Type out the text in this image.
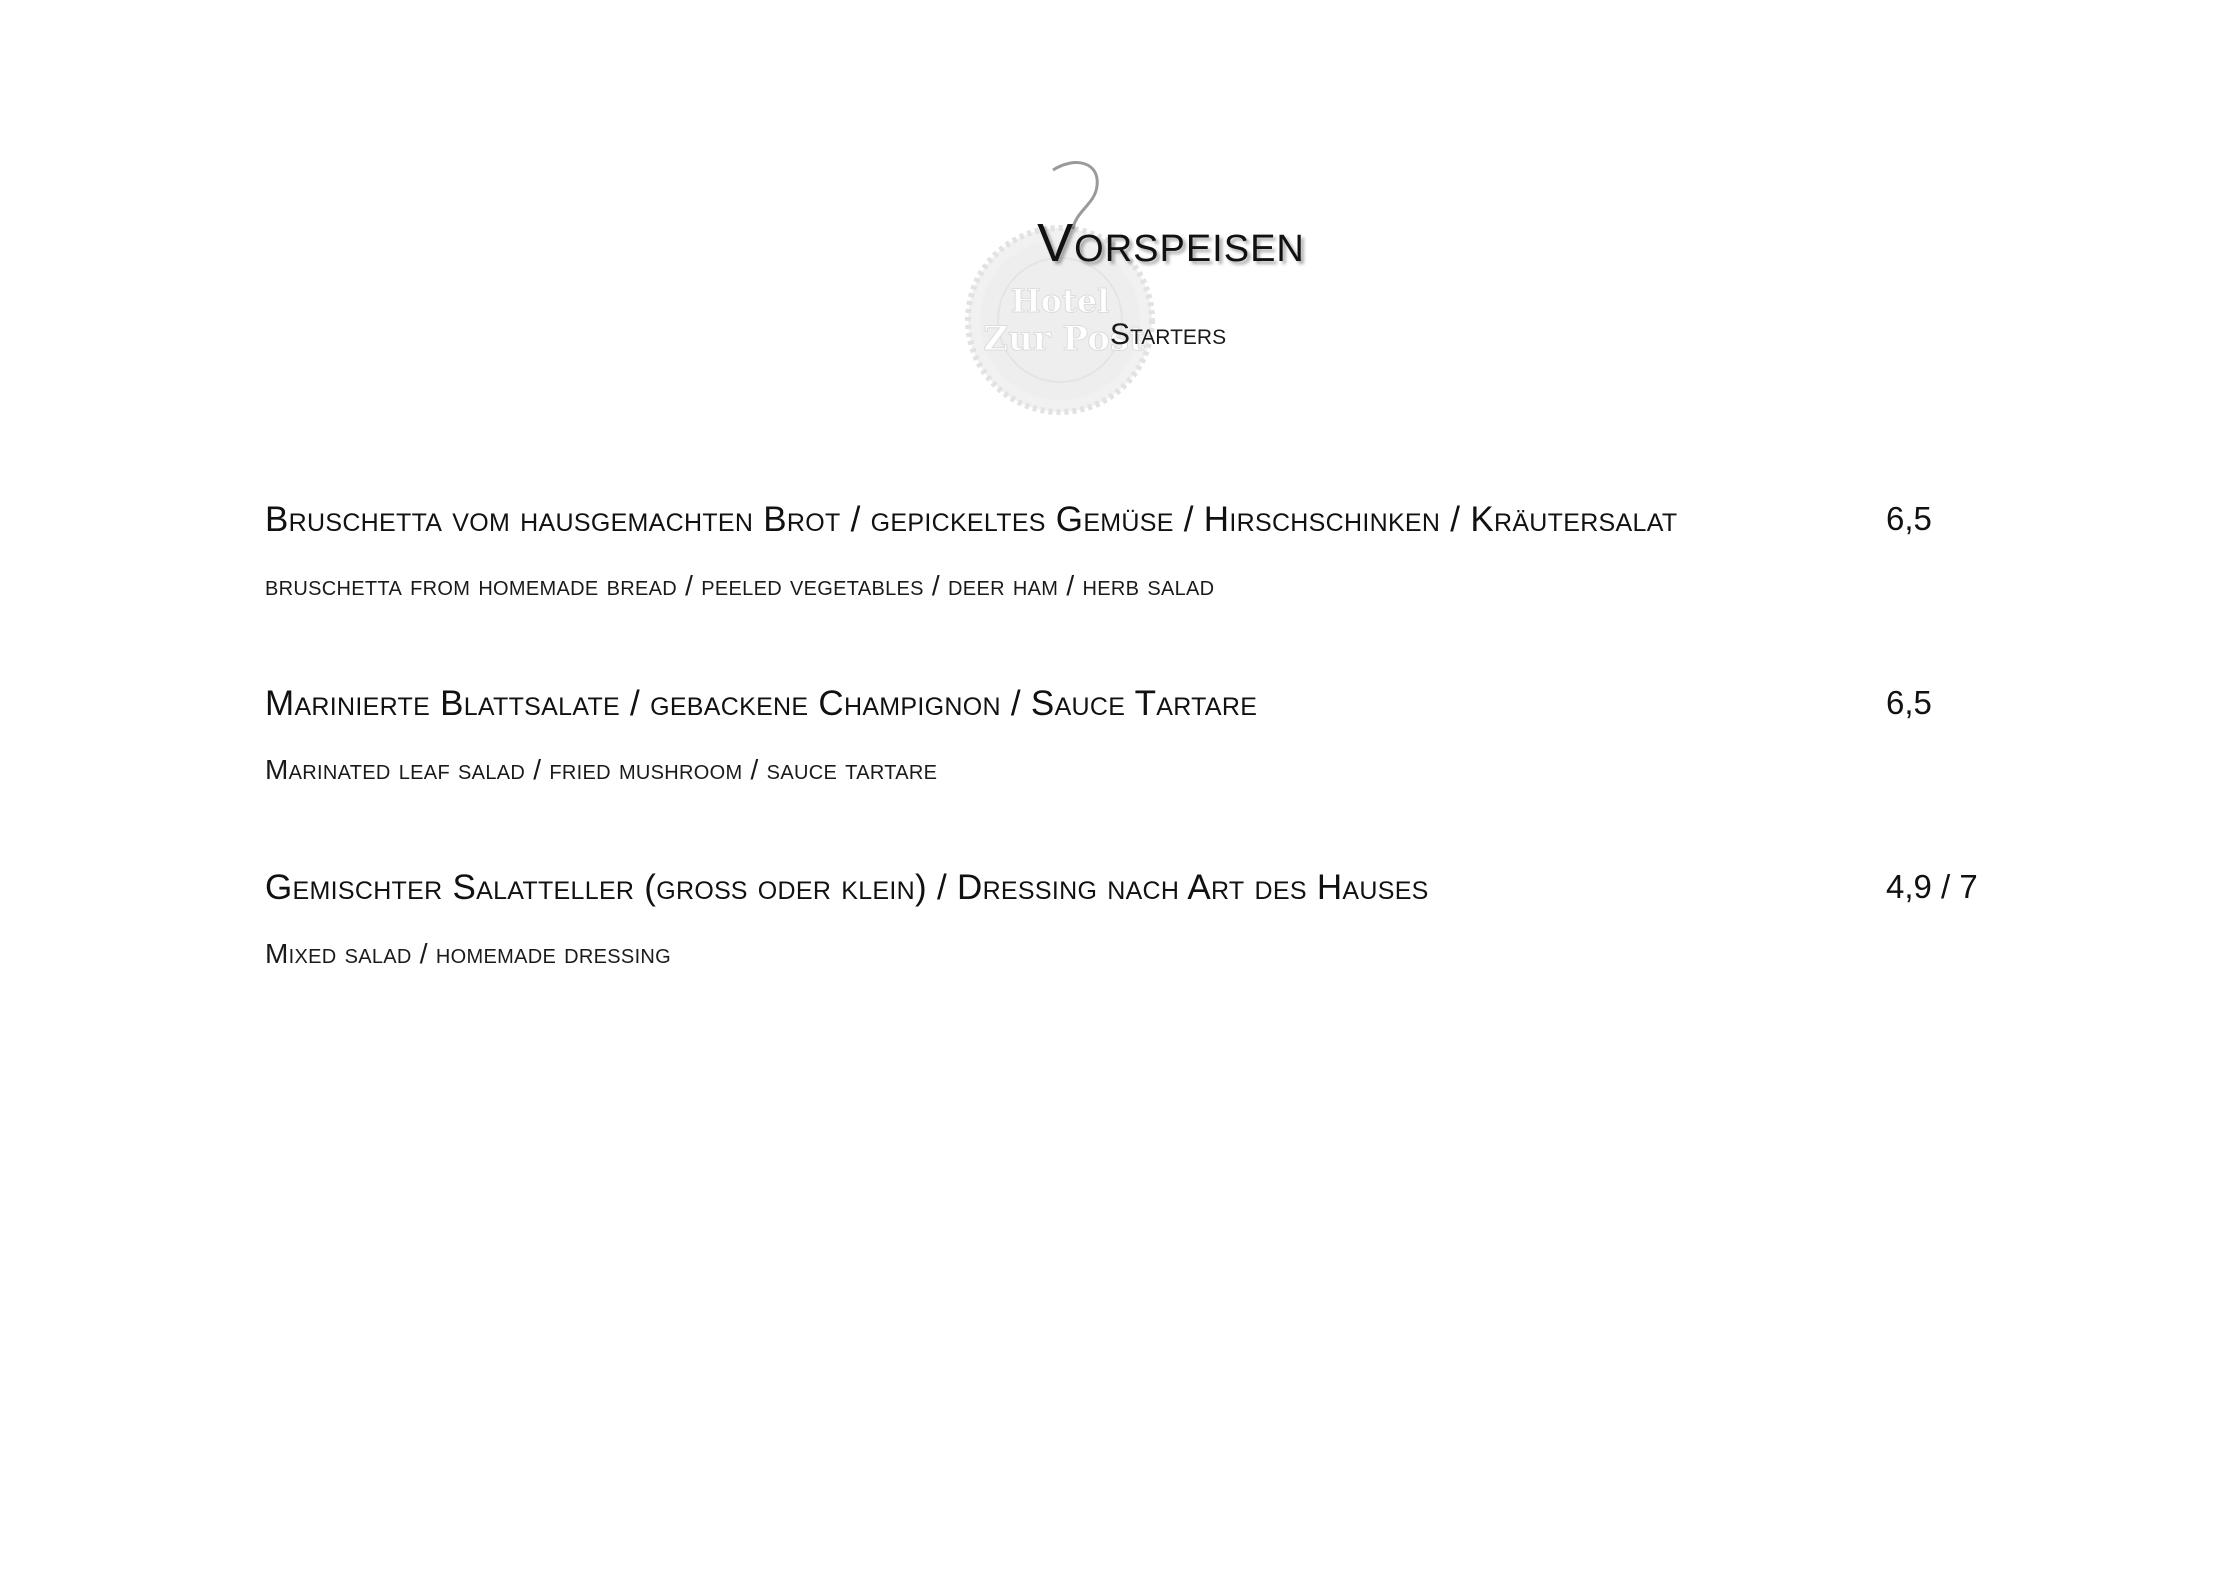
Hotel
Zur Post
Vorspeisen
Starters
Bruschetta vom hausgemachten Brot / gepickeltes Gemüse / Hirschschinken / Kräutersalat	6,5
bruschetta from homemade bread / peeled vegetables / deer ham / herb salad
Marinierte Blattsalate / gebackene Champignon / Sauce Tartare	6,5
Marinated leaf salad / fried mushroom / sauce tartare
Gemischter Salatteller (groß oder klein) / Dressing nach Art des Hauses	4,9 / 7
Mixed salad / homemade dressing
